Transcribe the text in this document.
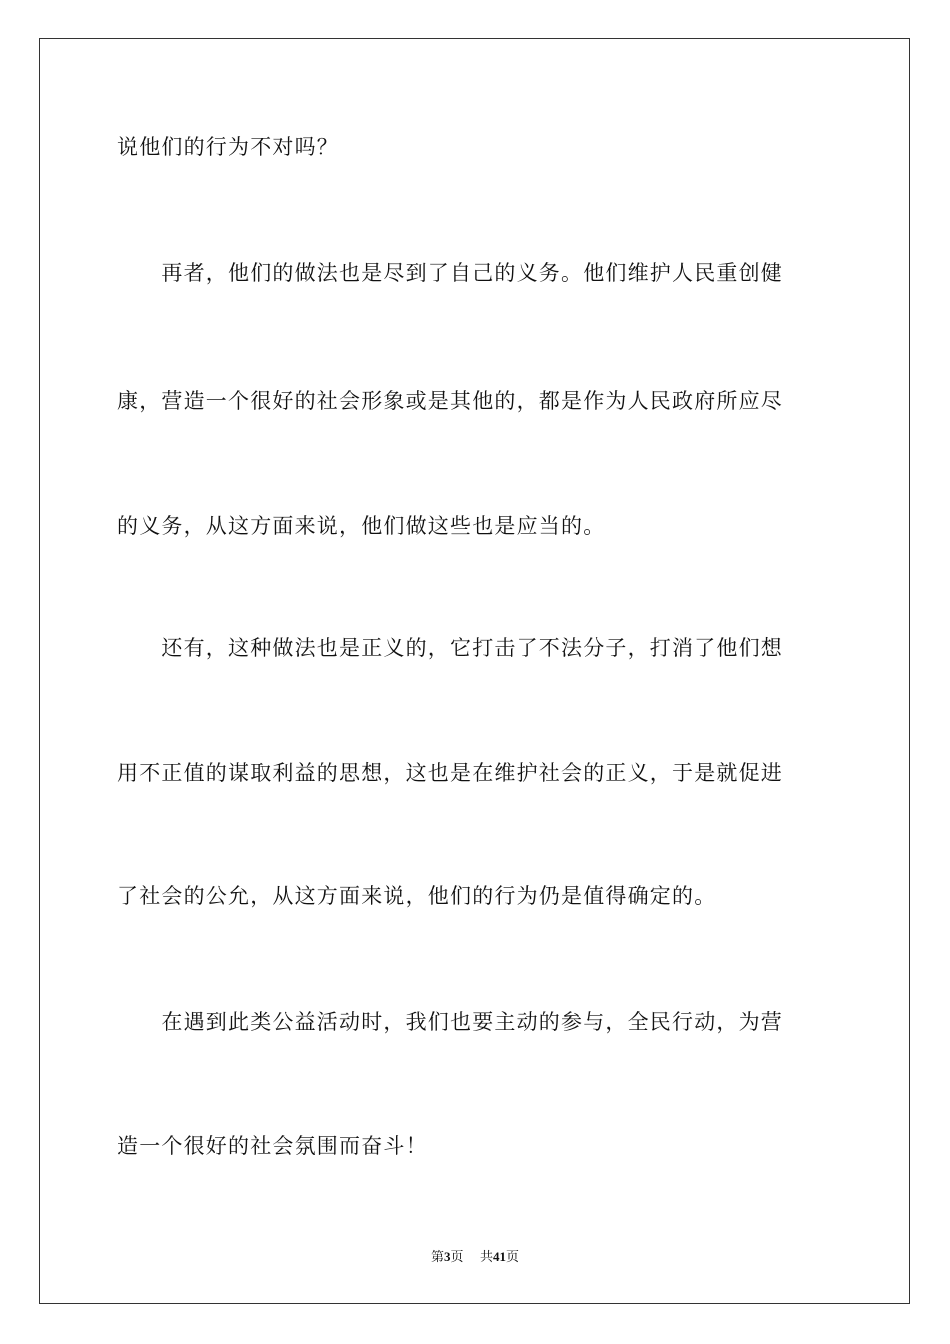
说他们的行为不对吗？
　　再者，他们的做法也是尽到了自己的义务。他们维护人民重创健
康，营造一个很好的社会形象或是其他的，都是作为人民政府所应尽
的义务，从这方面来说，他们做这些也是应当的。
　　还有，这种做法也是正义的，它打击了不法分子，打消了他们想
用不正值的谋取利益的思想，这也是在维护社会的正义，于是就促进
了社会的公允，从这方面来说，他们的行为仍是值得确定的。
　　在遇到此类公益活动时，我们也要主动的参与，全民行动，为营
造一个很好的社会氛围而奋斗！
第3页 共41页
